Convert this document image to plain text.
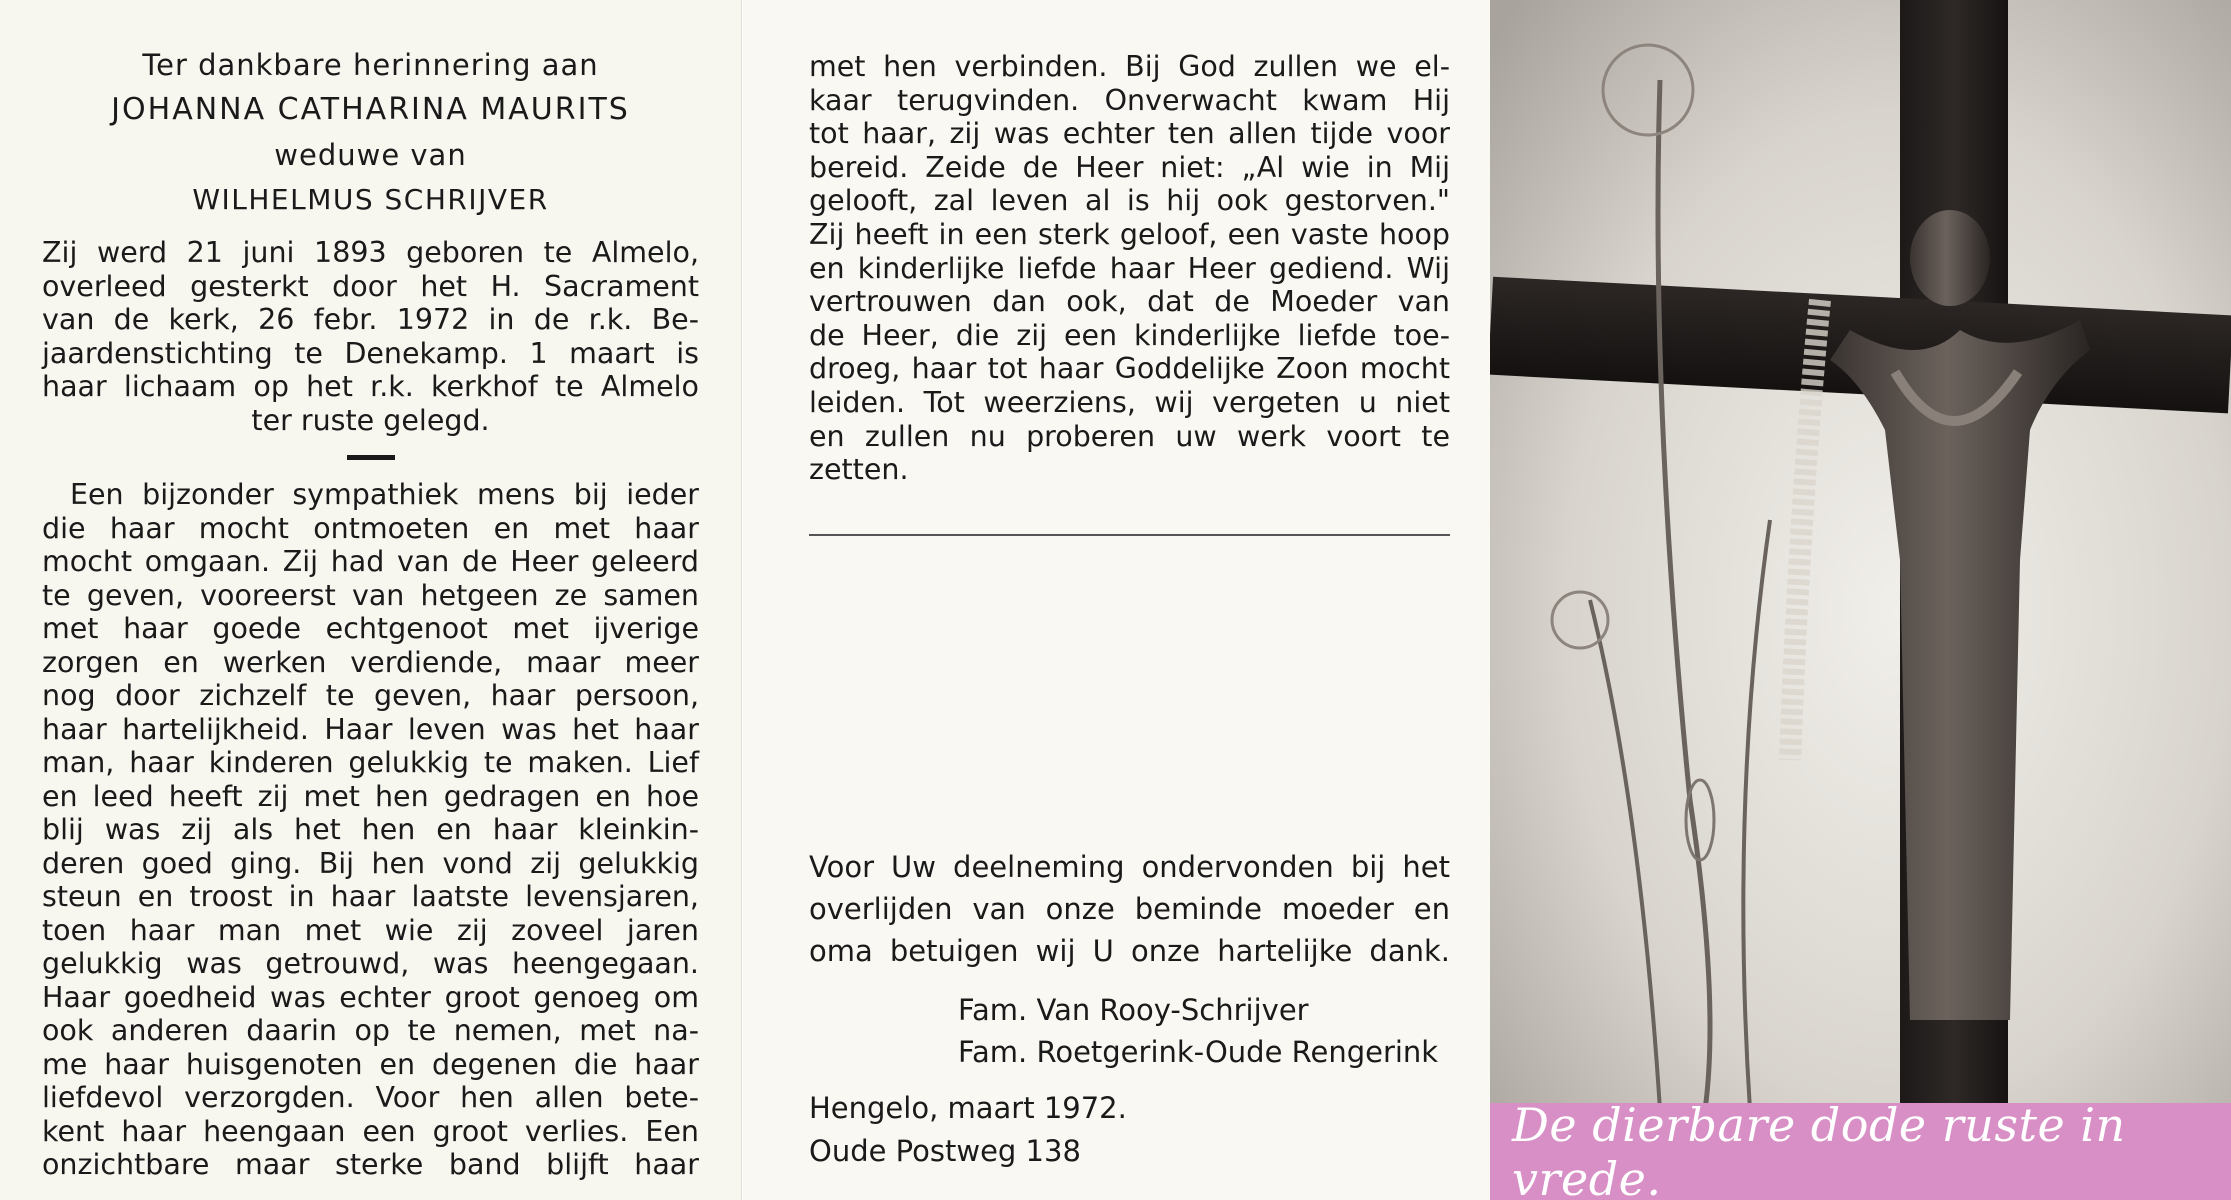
Ter dankbare herinnering aan

JOHANNA CATHARINA MAURITS

weduwe van

WILHELMUS SCHRIJVER

Zij werd 21 juni 1893 geboren te Almelo,
overleed gesterkt door het H. Sacrament
van de kerk, 26 febr. 1972 in de r.k. Be-
jaardenstichting te Denekamp. 1 maart is
haar lichaam op het r.k. kerkhof te Almelo
ter ruste gelegd.
Een bijzonder sympathiek mens bij ieder
die haar mocht ontmoeten en met haar
mocht omgaan. Zij had van de Heer geleerd
te geven, vooreerst van hetgeen ze samen
met haar goede echtgenoot met ijverige
zorgen en werken verdiende, maar meer
nog door zichzelf te geven, haar persoon,
haar hartelijkheid. Haar leven was het haar
man, haar kinderen gelukkig te maken. Lief
en leed heeft zij met hen gedragen en hoe
blij was zij als het hen en haar kleinkin-
deren goed ging. Bij hen vond zij gelukkig
steun en troost in haar laatste levensjaren,
toen haar man met wie zij zoveel jaren
gelukkig was getrouwd, was heengegaan.
Haar goedheid was echter groot genoeg om
ook anderen daarin op te nemen, met na-
me haar huisgenoten en degenen die haar
liefdevol verzorgden. Voor hen allen bete-
kent haar heengaan een groot verlies. Een
onzichtbare maar sterke band blijft haar
met hen verbinden. Bij God zullen we el-
kaar terugvinden. Onverwacht kwam Hij
tot haar, zij was echter ten allen tijde voor
bereid. Zeide de Heer niet: „Al wie in Mij
gelooft, zal leven al is hij ook gestorven."
Zij heeft in een sterk geloof, een vaste hoop
en kinderlijke liefde haar Heer gediend. Wij
vertrouwen dan ook, dat de Moeder van
de Heer, die zij een kinderlijke liefde toe-
droeg, haar tot haar Goddelijke Zoon mocht
leiden. Tot weerziens, wij vergeten u niet
en zullen nu proberen uw werk voort te
zetten.
Voor Uw deelneming ondervonden bij het
overlijden van onze beminde moeder en
oma betuigen wij U onze hartelijke dank.
Fam. Van Rooy-Schrijver
Fam. Roetgerink-Oude Rengerink
Hengelo, maart 1972.
Oude Postweg 138	De dierbare dode ruste in vrede.
